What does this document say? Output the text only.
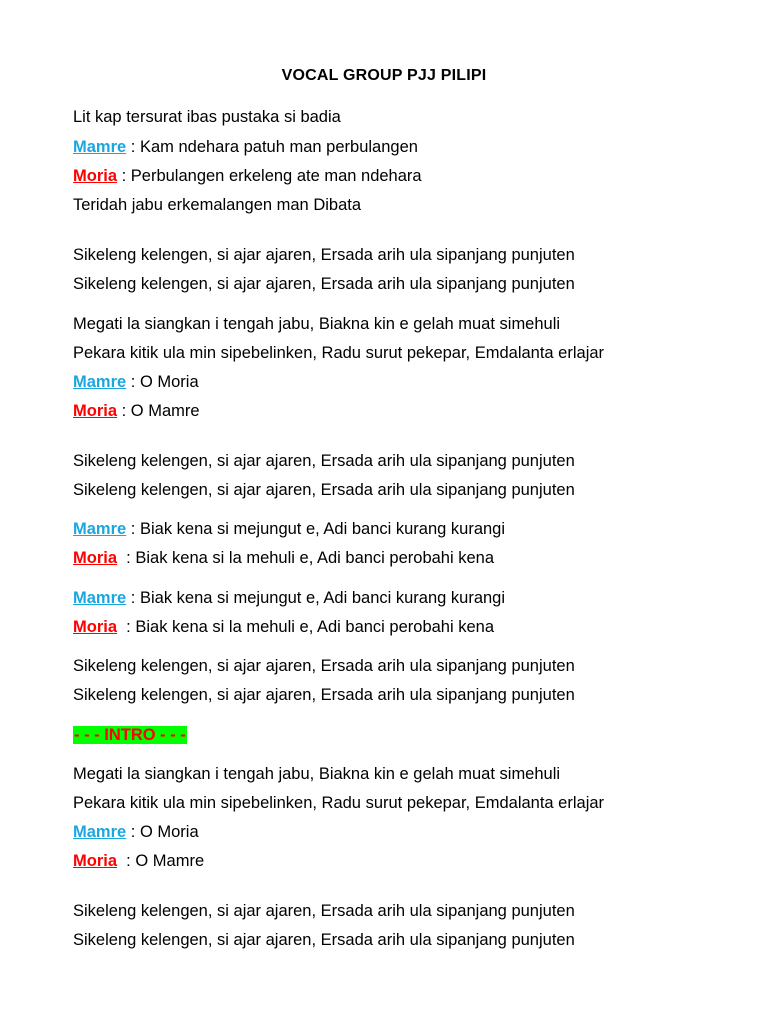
VOCAL GROUP PJJ PILIPI
Lit kap tersurat ibas pustaka si badia
Mamre : Kam ndehara patuh man perbulangen
Moria : Perbulangen erkeleng ate man ndehara
Teridah jabu erkemalangen man Dibata
Sikeleng kelengen, si ajar ajaren, Ersada arih ula sipanjang punjuten
Sikeleng kelengen, si ajar ajaren, Ersada arih ula sipanjang punjuten
Megati la siangkan i tengah jabu, Biakna kin e gelah muat simehuli
Pekara kitik ula min sipebelinken, Radu surut pekepar, Emdalanta erlajar
Mamre : O Moria
Moria : O Mamre
Sikeleng kelengen, si ajar ajaren, Ersada arih ula sipanjang punjuten
Sikeleng kelengen, si ajar ajaren, Ersada arih ula sipanjang punjuten
Mamre : Biak kena si mejungut e, Adi banci kurang kurangi
Moria  : Biak kena si la mehuli e, Adi banci perobahi kena
Mamre : Biak kena si mejungut e, Adi banci kurang kurangi
Moria  : Biak kena si la mehuli e, Adi banci perobahi kena
Sikeleng kelengen, si ajar ajaren, Ersada arih ula sipanjang punjuten
Sikeleng kelengen, si ajar ajaren, Ersada arih ula sipanjang punjuten
- - - INTRO - - -
Megati la siangkan i tengah jabu, Biakna kin e gelah muat simehuli
Pekara kitik ula min sipebelinken, Radu surut pekepar, Emdalanta erlajar
Mamre : O Moria
Moria  : O Mamre
Sikeleng kelengen, si ajar ajaren, Ersada arih ula sipanjang punjuten
Sikeleng kelengen, si ajar ajaren, Ersada arih ula sipanjang punjuten
